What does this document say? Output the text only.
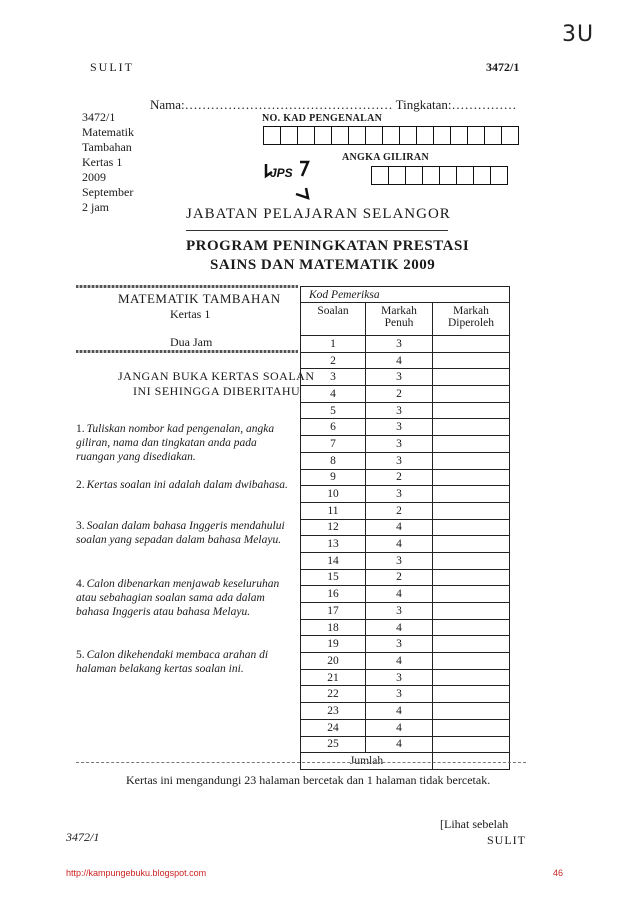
3U
SULIT	3472/1
Nama:………………………………………… Tingkatan:……………
3472/1
Matematik
Tambahan
Kertas 1
2009
September
2 jam
NO. KAD PENGENALAN
ANGKA GILIRAN
JPS
JABATAN PELAJARAN SELANGOR
PROGRAM PENINGKATAN PRESTASI
SAINS DAN MATEMATIK 2009
MATEMATIK TAMBAHAN
Kertas 1
Dua Jam
JANGAN BUKA KERTAS SOALAN
INI SEHINGGA DIBERITAHU
1. Tuliskan nombor kad pengenalan, angka giliran, nama dan tingkatan anda pada ruangan yang disediakan.
2. Kertas soalan ini adalah dalam dwibahasa.
3. Soalan dalam bahasa Inggeris mendahului soalan yang sepadan dalam bahasa Melayu.
4. Calon dibenarkan menjawab keseluruhan atau sebahagian soalan sama ada dalam bahasa Inggeris atau bahasa Melayu.
5. Calon dikehendaki membaca arahan di halaman belakang kertas soalan ini.
Kod Pemeriksa		
Soalan	Markah Penuh	Markah Diperoleh
1	3	
2	4	
3	3	
4	2	
5	3	
6	3	
7	3	
8	3	
9	2	
10	3	
11	2	
12	4	
13	4	
14	3	
15	2	
16	4	
17	3	
18	4	
19	3	
20	4	
21	3	
22	3	
23	4	
24	4	
25	4	
Jumlah		
Kertas ini mengandungi 23 halaman bercetak dan 1 halaman tidak bercetak.
[Lihat sebelah
SULIT
3472/1
http://kampungebuku.blogspot.com	46
